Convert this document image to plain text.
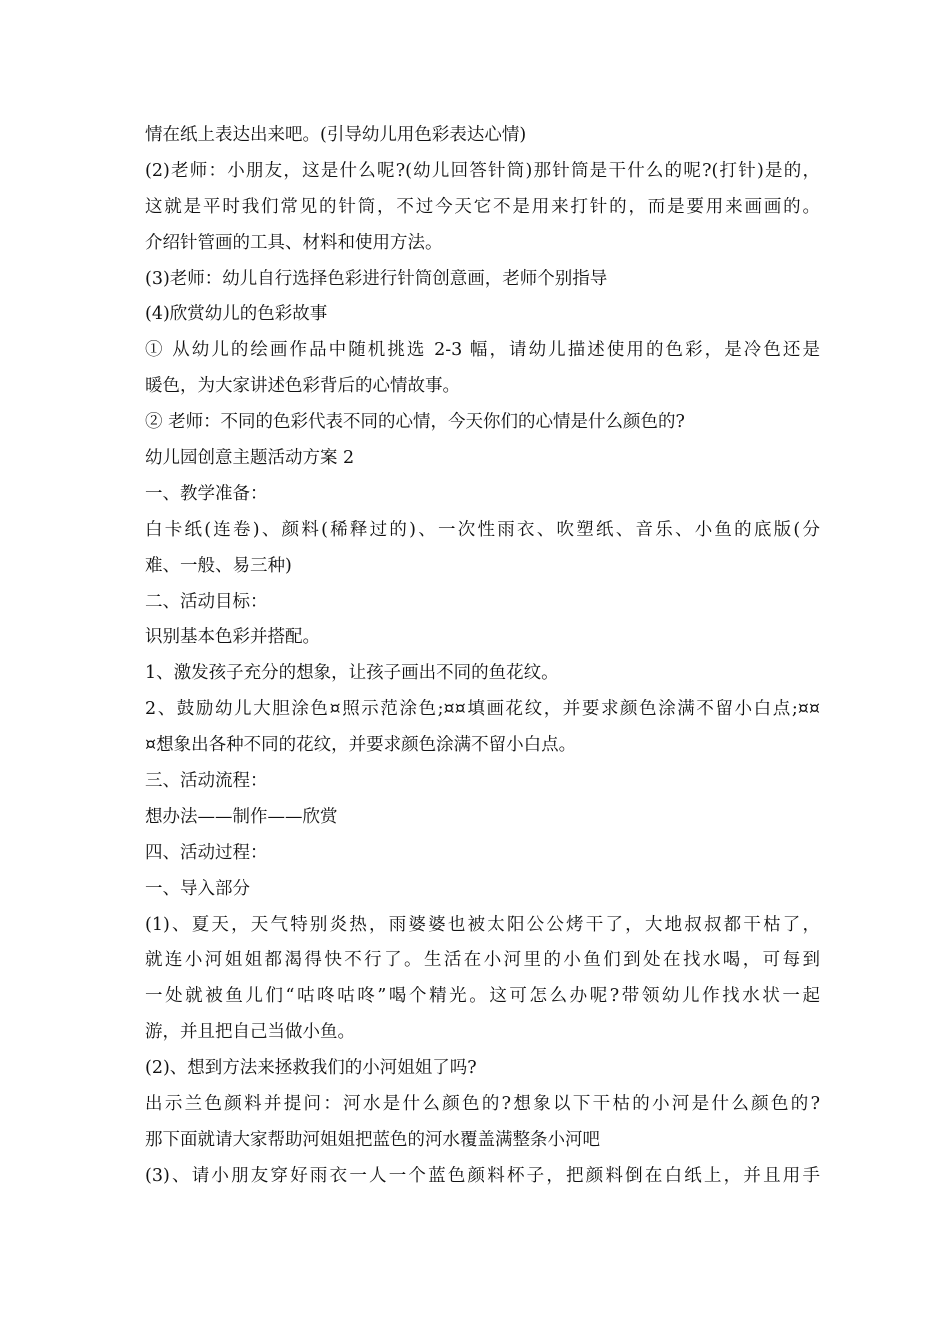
情在纸上表达出来吧。(引导幼儿用色彩表达心情)
(2)老师：小朋友，这是什么呢?(幼儿回答针筒)那针筒是干什么的呢?(打针)是的，
这就是平时我们常见的针筒，不过今天它不是用来打针的，而是要用来画画的。
介绍针管画的工具、材料和使用方法。
(3)老师：幼儿自行选择色彩进行针筒创意画，老师个别指导
(4)欣赏幼儿的色彩故事
① 从幼儿的绘画作品中随机挑选 2-3 幅，请幼儿描述使用的色彩，是冷色还是
暖色，为大家讲述色彩背后的心情故事。
② 老师：不同的色彩代表不同的心情，今天你们的心情是什么颜色的?
幼儿园创意主题活动方案 2
一、教学准备：
白卡纸(连卷)、颜料(稀释过的)、一次性雨衣、吹塑纸、音乐、小鱼的底版(分
难、一般、易三种)
二、活动目标：
识别基本色彩并搭配。
1、激发孩子充分的想象，让孩子画出不同的鱼花纹。
2、鼓励幼儿大胆涂色¤照示范涂色;¤¤填画花纹，并要求颜色涂满不留小白点;¤¤
¤想象出各种不同的花纹，并要求颜色涂满不留小白点。
三、活动流程：
想办法——制作——欣赏
四、活动过程：
一、导入部分
(1)、夏天，天气特别炎热，雨婆婆也被太阳公公烤干了，大地叔叔都干枯了，
就连小河姐姐都渴得快不行了。生活在小河里的小鱼们到处在找水喝，可每到
一处就被鱼儿们“咕咚咕咚”喝个精光。这可怎么办呢?带领幼儿作找水状一起
游，并且把自己当做小鱼。
(2)、想到方法来拯救我们的小河姐姐了吗?
出示兰色颜料并提问：河水是什么颜色的?想象以下干枯的小河是什么颜色的?
那下面就请大家帮助河姐姐把蓝色的河水覆盖满整条小河吧
(3)、请小朋友穿好雨衣一人一个蓝色颜料杯子，把颜料倒在白纸上，并且用手
